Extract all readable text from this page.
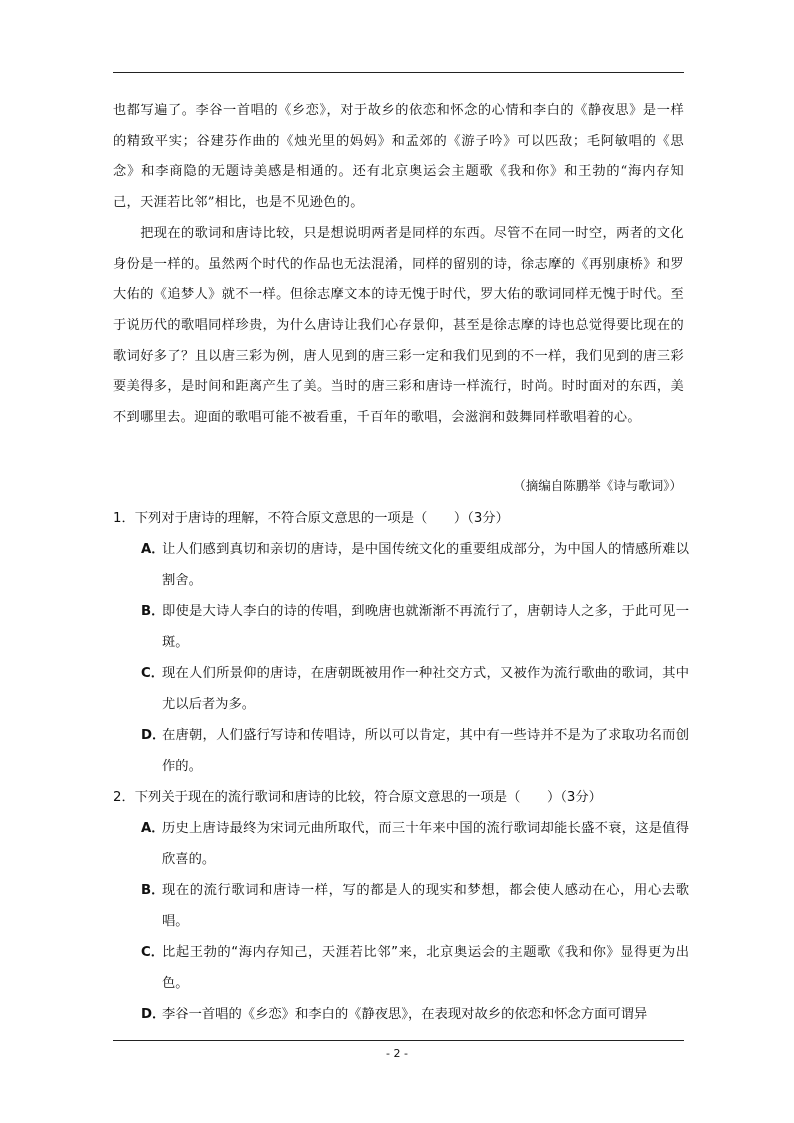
也都写遍了。李谷一首唱的《乡恋》，对于故乡的依恋和怀念的心情和李白的《静夜思》是一样的精致平实；谷建芬作曲的《烛光里的妈妈》和孟郊的《游子吟》可以匹敌；毛阿敏唱的《思念》和李商隐的无题诗美感是相通的。还有北京奥运会主题歌《我和你》和王勃的“海内存知己，天涯若比邻”相比，也是不见逊色的。

　　把现在的歌词和唐诗比较，只是想说明两者是同样的东西。尽管不在同一时空，两者的文化身份是一样的。虽然两个时代的作品也无法混淆，同样的留别的诗，徐志摩的《再别康桥》和罗大佑的《追梦人》就不一样。但徐志摩文本的诗无愧于时代，罗大佑的歌词同样无愧于时代。至于说历代的歌唱同样珍贵，为什么唐诗让我们心存景仰，甚至是徐志摩的诗也总觉得要比现在的歌词好多了？且以唐三彩为例，唐人见到的唐三彩一定和我们见到的不一样，我们见到的唐三彩要美得多，是时间和距离产生了美。当时的唐三彩和唐诗一样流行，时尚。时时面对的东西，美不到哪里去。迎面的歌唱可能不被看重，千百年的歌唱，会滋润和鼓舞同样歌唱着的心。

（摘编自陈鹏举《诗与歌词》）
1．下列对于唐诗的理解，不符合原文意思的一项是（　　）（3分）
A．
让人们感到真切和亲切的唐诗，是中国传统文化的重要组成部分，为中国人的情感所难以割舍。
B．
即使是大诗人李白的诗的传唱，到晚唐也就渐渐不再流行了，唐朝诗人之多，于此可见一斑。
C．
现在人们所景仰的唐诗，在唐朝既被用作一种社交方式，又被作为流行歌曲的歌词，其中尤以后者为多。
D．
在唐朝，人们盛行写诗和传唱诗，所以可以肯定，其中有一些诗并不是为了求取功名而创作的。
2．下列关于现在的流行歌词和唐诗的比较，符合原文意思的一项是（　　）（3分）
A．
历史上唐诗最终为宋词元曲所取代，而三十年来中国的流行歌词却能长盛不衰，这是值得欣喜的。
B．
现在的流行歌词和唐诗一样，写的都是人的现实和梦想，都会使人感动在心，用心去歌唱。
C．
比起王勃的“海内存知己，天涯若比邻”来，北京奥运会的主题歌《我和你》显得更为出色。
D．
李谷一首唱的《乡恋》和李白的《静夜思》，在表现对故乡的依恋和怀念方面可谓异
- 2 -
